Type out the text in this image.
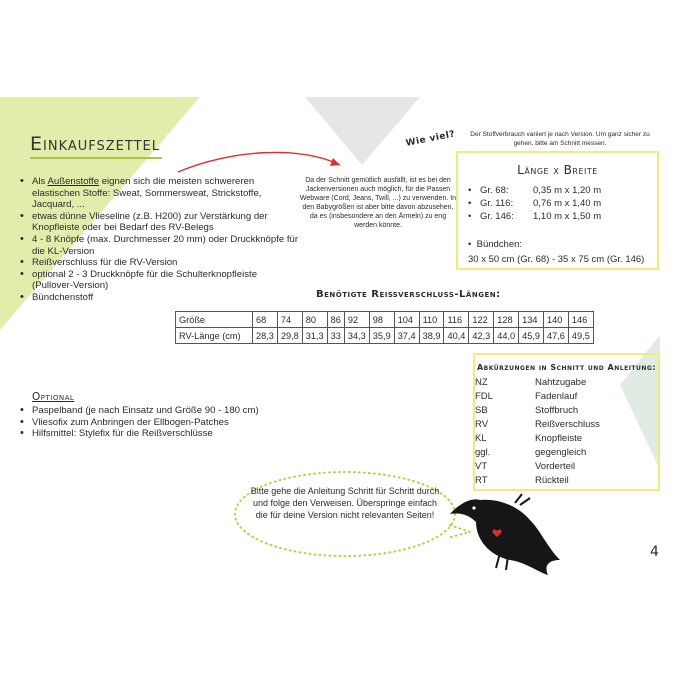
Einkaufszettel
• Als Außenstoffe eignen sich die meisten schwereren elastischen Stoffe: Sweat, Sommersweat, Strickstoffe, Jacquard, ...
• etwas dünne Vlieseline (z.B. H200) zur Verstärkung der Knopfleiste oder bei Bedarf des RV-Belegs
• 4 - 8 Knöpfe (max. Durchmesser 20 mm) oder Druckknöpfe für die KL-Version
• Reißverschluss für die RV-Version
• optional 2 - 3 Druckknöpfe für die Schulterknopfleiste (Pullover-Version)
• Bündchenstoff
Optional
• Paspelband (je nach Einsatz und Größe 90 - 180 cm)
• Vliesofix zum Anbringen der Ellbogen-Patches
• Hilfsmittel: Stylefix für die Reißverschlüsse
Wie viel?
Da der Schnitt gemütlich ausfällt, ist es bei den Jackenversionen auch möglich, für die Passen Webware (Cord, Jeans, Twill, ...) zu verwenden. In den Babygrößen ist aber bitte davon abzusehen, da es (insbesondere an den Ärmeln) zu eng werden könnte.
Der Stoffverbrauch variiert je nach Version. Um ganz sicher zu gehen, bitte am Schnitt messen.
Länge x Breite
• Gr. 68:	0,35 m x 1,20 m
• Gr. 116:	0,76 m x 1,40 m
• Gr. 146:	1,10 m x 1,50 m
•  Bündchen:
30 x 50 cm (Gr. 68) - 35 x 75 cm (Gr. 146)
Benötigte Reißverschluss-Längen:
Größe	68	74	80	86	92	98	104	110	116	122	128	134	140	146
RV-Länge (cm)	28,3	29,8	31,3	33	34,3	35,9	37,4	38,9	40,4	42,3	44,0	45,9	47,6	49,5
Abkürzungen in Schnitt und Anleitung:
NZ	Nahtzugabe
FDL	Fadenlauf
SB	Stoffbruch
RV	Reißverschluss
KL	Knopfleiste
ggl.	gegengleich
VT	Vorderteil
RT	Rückteil
Bitte gehe die Anleitung Schritt für Schritt durch und folge den Verweisen. Überspringe einfach die für deine Version nicht relevanten Seiten!
4
